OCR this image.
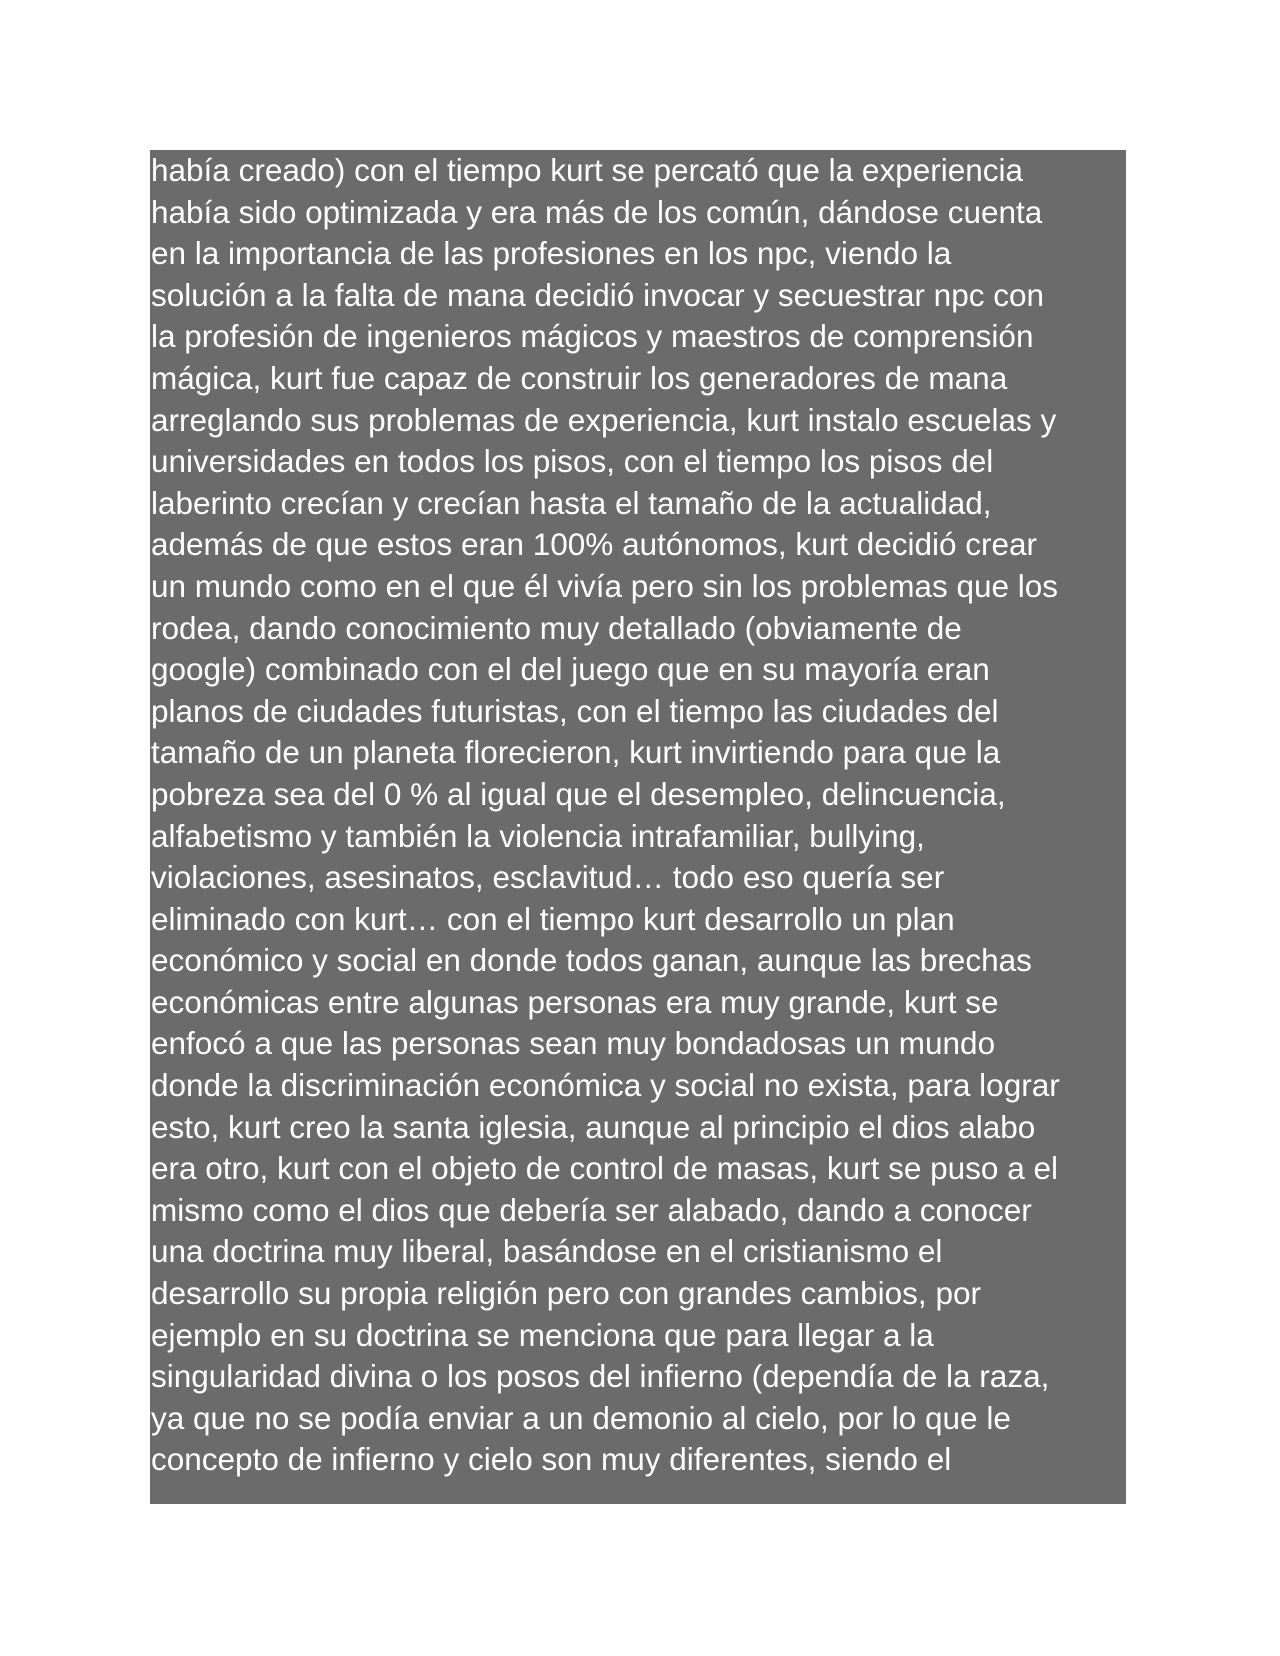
había creado) con el tiempo kurt se percató que la experiencia
había sido optimizada y era más de los común, dándose cuenta
en la importancia de las profesiones en los npc, viendo la
solución a la falta de mana decidió invocar y secuestrar npc con
la profesión de ingenieros mágicos y maestros de comprensión
mágica, kurt fue capaz de construir los generadores de mana
arreglando sus problemas de experiencia, kurt instalo escuelas y
universidades en todos los pisos, con el tiempo los pisos del
laberinto crecían y crecían hasta el tamaño de la actualidad,
además de que estos eran 100% autónomos, kurt decidió crear
un mundo como en el que él vivía pero sin los problemas que los
rodea, dando conocimiento muy detallado (obviamente de
google) combinado con el del juego que en su mayoría eran
planos de ciudades futuristas, con el tiempo las ciudades del
tamaño de un planeta florecieron, kurt invirtiendo para que la
pobreza sea del 0 % al igual que el desempleo, delincuencia,
alfabetismo y también la violencia intrafamiliar, bullying,
violaciones, asesinatos, esclavitud… todo eso quería ser
eliminado con kurt… con el tiempo kurt desarrollo un plan
económico y social en donde todos ganan, aunque las brechas
económicas entre algunas personas era muy grande, kurt se
enfocó a que las personas sean muy bondadosas un mundo
donde la discriminación económica y social no exista, para lograr
esto, kurt creo la santa iglesia, aunque al principio el dios alabo
era otro, kurt con el objeto de control de masas, kurt se puso a el
mismo como el dios que debería ser alabado, dando a conocer
una doctrina muy liberal, basándose en el cristianismo el
desarrollo su propia religión pero con grandes cambios, por
ejemplo en su doctrina se menciona que para llegar a la
singularidad divina o los posos del infierno (dependía de la raza,
ya que no se podía enviar a un demonio al cielo, por lo que le
concepto de infierno y cielo son muy diferentes, siendo el
